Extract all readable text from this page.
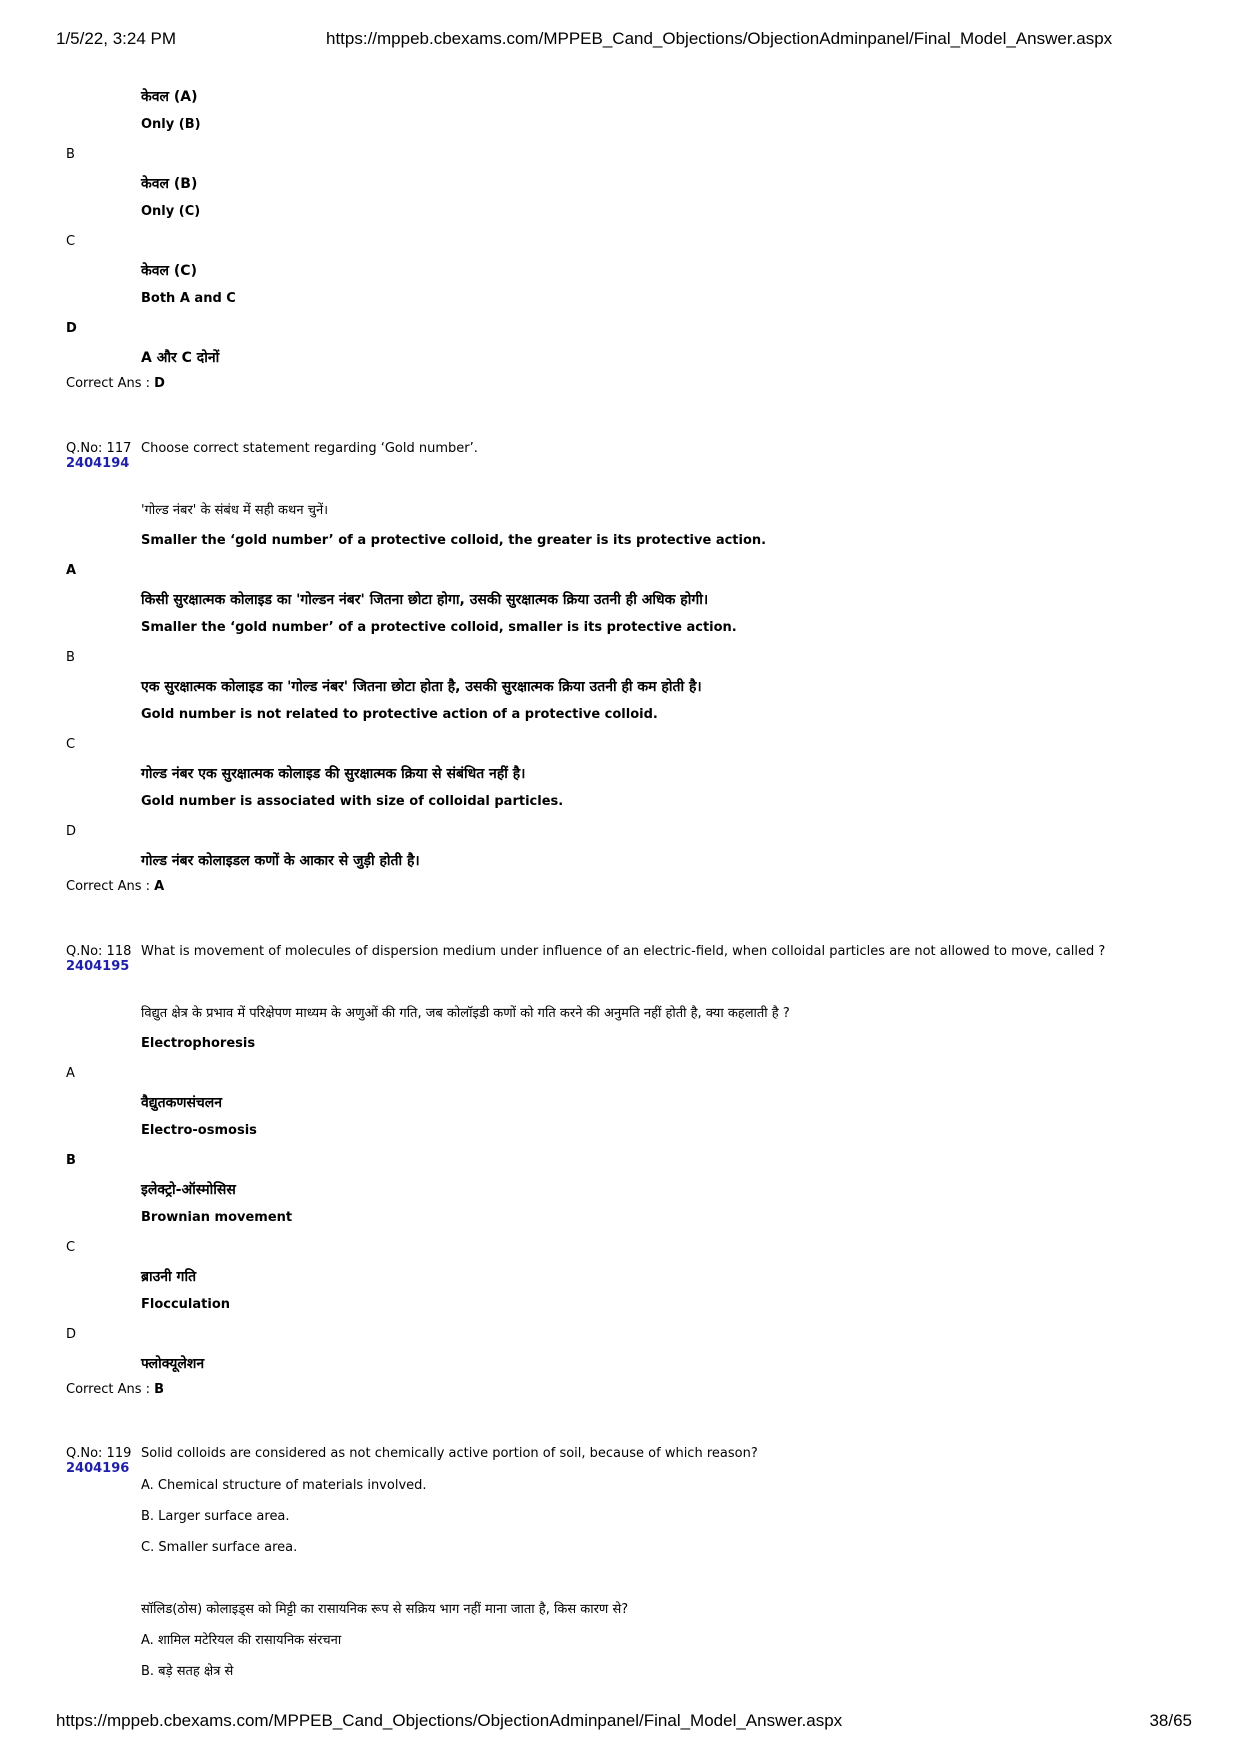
1/5/22, 3:24 PM	https://mppeb.cbexams.com/MPPEB_Cand_Objections/ObjectionAdminpanel/Final_Model_Answer.aspx
केवल (A)
Only (B)
B
केवल (B)
Only (C)
C
केवल (C)
Both A and C
D
A और C दोनों
Correct Ans : D
Q.No: 117
2404194
Choose correct statement regarding ‘Gold number’.
'गोल्ड नंबर' के संबंध में सही कथन चुनें।
Smaller the ‘gold number’ of a protective colloid, the greater is its protective action.
A
किसी सुरक्षात्मक कोलाइड का 'गोल्डन नंबर' जितना छोटा होगा, उसकी सुरक्षात्मक क्रिया उतनी ही अधिक होगी।
Smaller the ‘gold number’ of a protective colloid, smaller is its protective action.
B
एक सुरक्षात्मक कोलाइड का 'गोल्ड नंबर' जितना छोटा होता है, उसकी सुरक्षात्मक क्रिया उतनी ही कम होती है।
Gold number is not related to protective action of a protective colloid.
C
गोल्ड नंबर एक सुरक्षात्मक कोलाइड की सुरक्षात्मक क्रिया से संबंधित नहीं है।
Gold number is associated with size of colloidal particles.
D
गोल्ड नंबर कोलाइडल कणों के आकार से जुड़ी होती है।
Correct Ans : A
Q.No: 118
2404195
What is movement of molecules of dispersion medium under influence of an electric-field, when colloidal particles are not allowed to move, called ?
विद्युत क्षेत्र के प्रभाव में परिक्षेपण माध्यम के अणुओं की गति, जब कोलॉइडी कणों को गति करने की अनुमति नहीं होती है, क्या कहलाती है ?
Electrophoresis
A
वैद्युतकणसंचलन
Electro-osmosis
B
इलेक्ट्रो-ऑस्मोसिस
Brownian movement
C
ब्राउनी गति
Flocculation
D
फ्लोक्यूलेशन
Correct Ans : B
Q.No: 119
2404196
Solid colloids are considered as not chemically active portion of soil, because of which reason?
A. Chemical structure of materials involved.
B. Larger surface area.
C. Smaller surface area.
सॉलिड(ठोस) कोलाइड्स को मिट्टी का रासायनिक रूप से सक्रिय भाग नहीं माना जाता है, किस कारण से?
A. शामिल मटेरियल की रासायनिक संरचना
B. बड़े सतह क्षेत्र से
https://mppeb.cbexams.com/MPPEB_Cand_Objections/ObjectionAdminpanel/Final_Model_Answer.aspx	38/65
